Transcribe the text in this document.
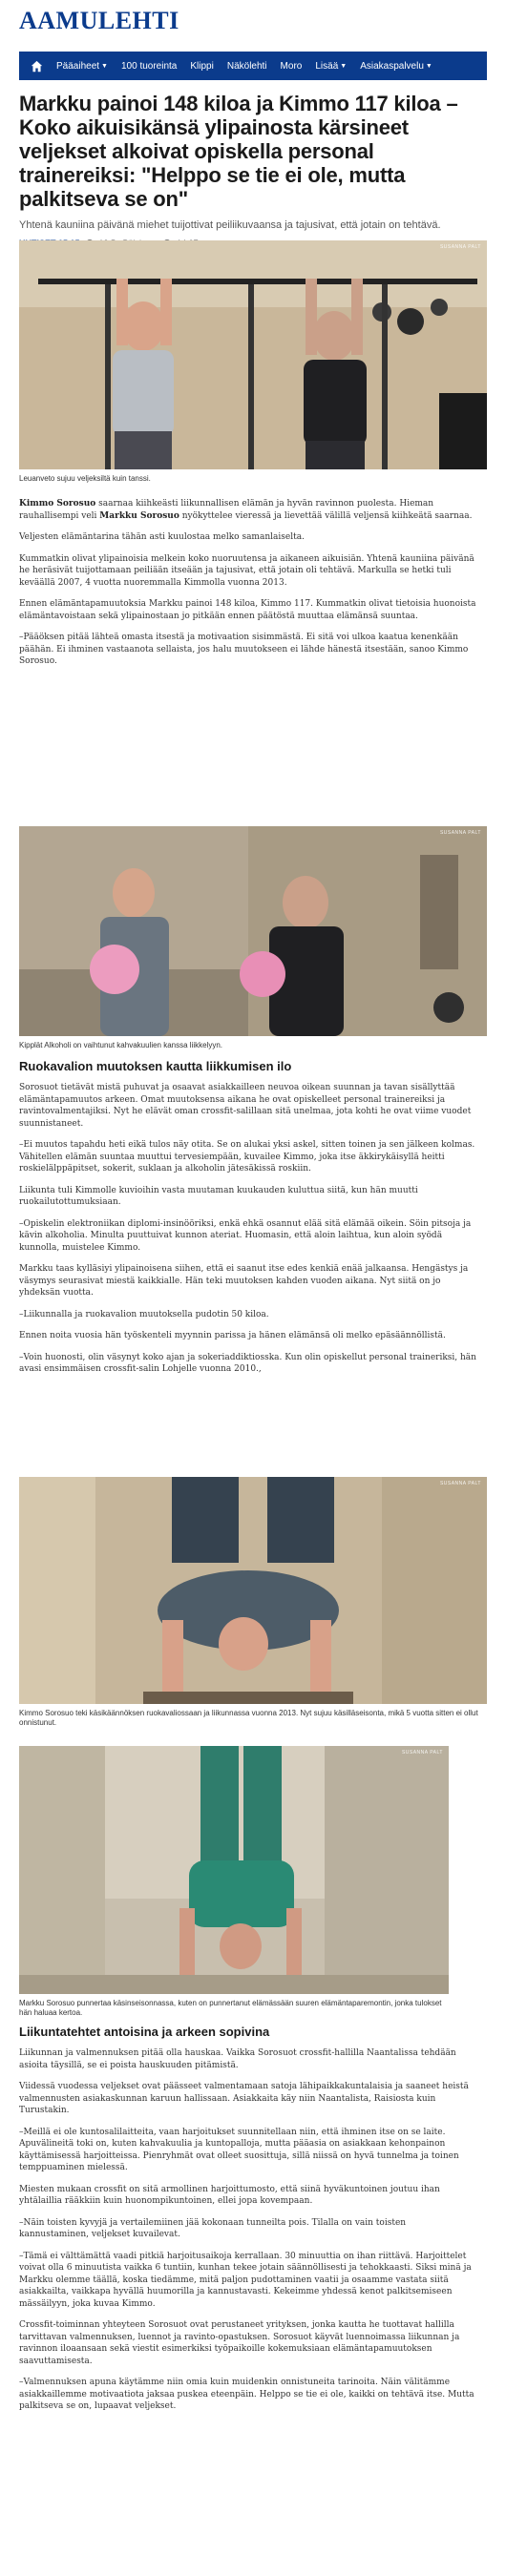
AAMULEHTI
Pääaiheet ▼ 100 tuoreinta Klippi Näkölehti Moro Lisää ▼ Asiakaspalvelu ▼
Markku painoi 148 kiloa ja Kimmo 117 kiloa – Koko aikuisikänsä ylipainosta kärsineet veljekset alkoivat opiskella personal trainereiksi: "Helppo se tie ei ole, mutta palkitseva se on"
Yhtenä kauniina päivänä miehet tuijottivat peiliikuvaansa ja tajusivat, että jotain on tehtävä.
SUSANNA PALT
Leuanveto sujuu veljeksiltä kuin tanssi.

Kimmo Sorosuo saarnaa kiihkeästi liikunnallisen elämän ja hyvän ravinnon puolesta. Hieman rauhallisempi veli Markku Sorosuo nyökyttelee vieressä ja lievettää välillä veljensä kiihkeätä saarnaa.

Veljesten elämäntarina tähän asti kuulostaa melko samanlaiselta.

Kummatkin olivat ylipainoisia melkein koko nuoruutensa ja aikaneen aikuisiän. Yhtenä kauniina päivänä he heräsivät tuijottamaan peiliään itseään ja tajusivat, että jotain oli tehtävä. Markulla se hetki tuli keväällä 2007, 4 vuotta nuoremmalla Kimmolla vuonna 2013.

Ennen elämäntapamuutoksia Markku painoi 148 kiloa, Kimmo 117. Kummatkin olivat tietoisia huonoista elämäntavoistaan sekä ylipainostaan jo pitkään ennen päätöstä muuttaa elämänsä suuntaa.

–Pääöksen pitää lähteä omasta itsestä ja motivaation sisimmästä. Ei sitä voi ulkoa kaatua kenenkään päähän. Ei ihminen vastaanota sellaista, jos halu muutokseen ei lähde hänestä itsestään, sanoo Kimmo Sorosuo.

SUSANNA PALT
Kipplät Alkoholi on vaihtunut kahvakuulien kanssa liikkelyyn.
Ruokavalion muutoksen kautta liikkumisen ilo

Sorosuot tietävät mistä puhuvat ja osaavat asiakkailleen neuvoa oikean suunnan ja tavan sisällyttää elämäntapamuutos arkeen. Omat muutoksensa aikana he ovat opiskelleet personal trainereiksi ja ravintovalmentajiksi. Nyt he elävät oman crossfit-salillaan sitä unelmaa, jota kohti he ovat viime vuodet suunnistaneet.

–Ei muutos tapahdu heti eikä tulos näy otita. Se on alukai yksi askel, sitten toinen ja sen jälkeen kolmas. Vähitellen elämän suuntaa muuttui tervesiempään, kuvailee Kimmo, joka itse äkkirykäisyllä heitti roskielälppäpitset, sokerit, suklaan ja alkoholin jätesäkissä roskiin.

Liikunta tuli Kimmolle kuvioihin vasta muutaman kuukauden kuluttua siitä, kun hän muutti ruokailutottumuksiaan.

–Opiskelin elektroniikan diplomi-insinööriksi, enkä ehkä osannut elää sitä elämää oikein. Söin pitsoja ja kävin alkoholia. Minulta puuttuivat kunnon ateriat. Huomasin, että aloin laihtua, kun aloin syödä kunnolla, muistelee Kimmo.

Markku taas kylläsiyi ylipainoisena siihen, että ei saanut itse edes kenkiä enää jalkaansa. Hengästys ja väsymys seurasivat miestä kaikkialle. Hän teki muutoksen kahden vuoden aikana. Nyt siitä on jo yhdeksän vuotta.

–Liikunnalla ja ruokavalion muutoksella pudotin 50 kiloa.

Ennen noita vuosia hän työskenteli myynnin parissa ja hänen elämänsä oli melko epäsäännöllistä.

–Voin huonosti, olin väsynyt koko ajan ja sokeriaddiktiosska. Kun olin opiskellut personal traineriksi, hän avasi ensimmäisen crossfit-salin Lohjelle vuonna 2010.,

SUSANNA PALT
Kimmo Sorosuo teki käsikäännöksen ruokavaliossaan ja liikunnassa vuonna 2013. Nyt sujuu käsilläseisonta, mikä 5 vuotta sitten ei ollut onnistunut.
SUSANNA PALT
Markku Sorosuo punnertaa käsinseisonnassa, kuten on punnertanut elämässään suuren elämäntaparemontin, jonka tulokset hän haluaa kertoa.
Liikuntatehtet antoisina ja arkeen sopivina

Liikunnan ja valmennuksen pitää olla hauskaa. Vaikka Sorosuot crossfit-hallilla Naantalissa tehdään asioita täysillä, se ei poista hauskuuden pitämistä.

Viidessä vuodessa veljekset ovat päässeet valmentamaan satoja lähipaikkakuntalaisia ja saaneet heistä valmennusten asiakaskunnan karuun hallissaan. Asiakkaita käy niin Naantalista, Raisiosta kuin Turustakin.

–Meillä ei ole kuntosalilaitteita, vaan harjoitukset suunnitellaan niin, että ihminen itse on se laite. Apuvälineitä toki on, kuten kahvakuulia ja kuntopalloja, mutta pääasia on asiakkaan kehonpainon käyttämisessä harjoitteissa. Pienryhmät ovat olleet suosittuja, sillä niissä on hyvä tunnelma ja toinen temppuaminen mielessä.

Miesten mukaan crossfit on sitä armollinen harjoittumosto, että siinä hyväkuntoinen joutuu ihan yhtälaillia rääkkiin kuin huonompikuntoinen, ellei jopa kovempaan.

–Näin toisten kyvyjä ja vertailemiinen jää kokonaan tunneilta pois. Tilalla on vain toisten kannustaminen, veljekset kuvailevat.

–Tämä ei välttämättä vaadi pitkiä harjoitusaikoja kerrallaan. 30 minuuttia on ihan riittävä. Harjoittelet voivat olla 6 minuutista vaikka 6 tuntiin, kunhan tekee jotain säännöllisesti ja tehokkaasti. Siksi minä ja Markku olemme täällä, koska tiedämme, mitä paljon pudottaminen vaatii ja osaamme vastata siitä asiakkailta, vaikkapa hyvällä huumorilla ja kannustavasti. Kekeimme yhdessä kenot palkitsemiseen mässäilyyn, joka kuvaa Kimmo.

Crossfit-toiminnan yhteyteen Sorosuot ovat perustaneet yrityksen, jonka kautta he tuottavat hallilla tarvittavan valmennuksen, luennot ja ravinto-opastuksen. Sorosuot käyvät luennoimassa liikunnan ja ravinnon iloaansaan sekä viestit esimerkiksi työpaikoille kokemuksiaan elämäntapamuutoksen saavuttamisesta.

–Valmennuksen apuna käytämme niin omia kuin muidenkin onnistuneita tarinoita. Näin välitämme asiakkaillemme motivaatiota jaksaa puskea eteenpäin. Helppo se tie ei ole, kaikki on tehtävä itse. Mutta palkitseva se on, lupaavat veljekset.
